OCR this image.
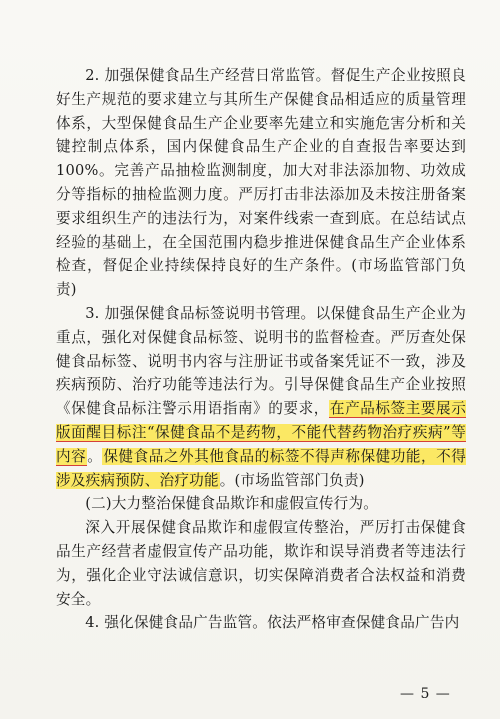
2. 加强保健食品生产经营日常监管。督促生产企业按照良好生产规范的要求建立与其所生产保健食品相适应的质量管理体系，大型保健食品生产企业要率先建立和实施危害分析和关键控制点体系，国内保健食品生产企业的自查报告率要达到100%。完善产品抽检监测制度，加大对非法添加物、功效成分等指标的抽检监测力度。严厉打击非法添加及未按注册备案要求组织生产的违法行为，对案件线索一查到底。在总结试点经验的基础上，在全国范围内稳步推进保健食品生产企业体系检查，督促企业持续保持良好的生产条件。(市场监管部门负责)

3. 加强保健食品标签说明书管理。以保健食品生产企业为重点，强化对保健食品标签、说明书的监督检查。严厉查处保健食品标签、说明书内容与注册证书或备案凭证不一致，涉及疾病预防、治疗功能等违法行为。引导保健食品生产企业按照《保健食品标注警示用语指南》的要求，在产品标签主要展示版面醒目标注“保健食品不是药物，不能代替药物治疗疾病”等内容。保健食品之外其他食品的标签不得声称保健功能，不得涉及疾病预防、治疗功能。(市场监管部门负责)

(二)大力整治保健食品欺诈和虚假宣传行为。

深入开展保健食品欺诈和虚假宣传整治，严厉打击保健食品生产经营者虚假宣传产品功能，欺诈和误导消费者等违法行为，强化企业守法诚信意识，切实保障消费者合法权益和消费安全。

4. 强化保健食品广告监管。依法严格审查保健食品广告内

— 5 —
